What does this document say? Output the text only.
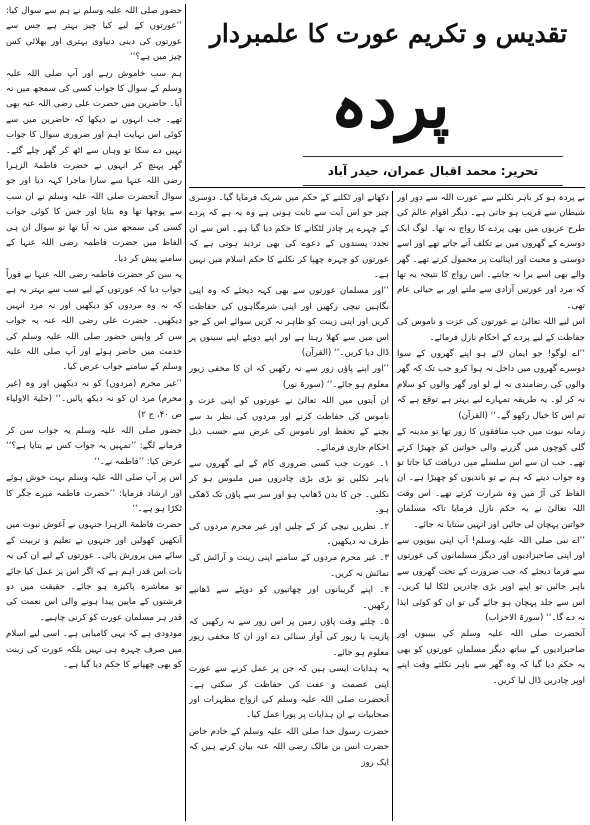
تقدیس و تکریم عورت کا علمبردار
پردہ
تحریر: محمد اقبال عمران، حیدر آباد

بے پردہ ہو کر باہر نکلنے سے عورت اللہ سے دور اور شیطان سے قریب ہو جاتی ہے۔ دیگر اقوام عالم کی طرح عربوں میں بھی پردے کا رواج نہ تھا۔ لوگ ایک دوسرے کے گھروں میں بے تکلف آتے جاتے تھے اور اسے دوستی و محبت اور اپنائیت پر محمول کرتے تھے۔ گھر والے بھی اسے برا نہ جانتے۔ اس رواج کا نتیجہ یہ تھا کہ مرد اور عورتیں آزادی سے ملتے اور بے حیائی عام تھی۔

اس لیے اللہ تعالیٰ نے عورتوں کی عزت و ناموس کی حفاظت کے لیے پردے کے احکام نازل فرمائے۔

’’اے لوگو! جو ایمان لائے ہو اپنے گھروں کے سوا دوسرے گھروں میں داخل نہ ہوا کرو جب تک کہ گھر والوں کی رضامندی نہ لے لو اور گھر والوں کو سلام نہ کر لو۔ یہ طریقہ تمہارے لیے بہتر ہے توقع ہے کہ تم اس کا خیال رکھو گے۔‘‘ (القرآن)

زمانہ نبوت میں جب منافقوں کا زور تھا تو مدینہ کے گلی کوچوں میں گزرنے والی خواتین کو چھیڑا کرتے تھے۔ جب ان سے اس سلسلے میں دریافت کیا جاتا تو وہ جواب دیتے کہ ہم نے تو باندیوں کو چھیڑا ہے۔ ان الفاظ کی آڑ میں وہ شرارت کرتے تھے۔ اس وقت اللہ تعالیٰ نے یہ حکم نازل فرمایا تاکہ مسلمان خواتین پہچان لی جائیں اور انہیں ستایا نہ جائے۔

’’اے نبی صلی اللہ علیہ وسلم! آپ اپنی بیویوں سے اور اپنی صاحبزادیوں اور دیگر مسلمانوں کی عورتوں سے فرما دیجئے کہ جب ضرورت کے تحت گھروں سے باہر جائیں تو اپنے اوپر بڑی چادریں لٹکا لیا کریں۔ اس سے جلد پہچان ہو جائے گی تو ان کو کوئی ایذا نہ دے گا۔‘‘ (سورۃ الاحزاب)

آنحضرت صلی اللہ علیہ وسلم کی بیبیوں اور صاحبزادیوں کے ساتھ دیگر مسلمان عورتوں کو بھی یہ حکم دیا گیا کہ وہ گھر سے باہر نکلتے وقت اپنے اوپر چادریں ڈال لیا کریں۔

دکھانے اور ٹکلنے کے حکم میں شریک فرمایا گیا۔ دوسری چیز جو اس آیت سے ثابت ہوتی ہے وہ یہ ہے کہ پردے کے چہرے پر چادر لٹکانے کا حکم دیا گیا ہے۔ اس سے ان تجدد پسندوں کے دعوے کی بھی تردید ہوتی ہے کہ عورتوں کو چہرہ چھپا کر نکلنے کا حکم اسلام میں نہیں ہے۔

’’اور مسلمان عورتوں سے بھی کہہ دیجئے کہ وہ اپنی نگاہیں نیچی رکھیں اور اپنی شرمگاہوں کی حفاظت کریں اور اپنی زینت کو ظاہر نہ کریں سوائے اس کے جو اس میں سے کھلا رہتا ہے اور اپنے دوپٹے اپنے سینوں پر ڈال دیا کریں۔‘‘ (القرآن)

’’اور اپنے پاؤں زور سے نہ رکھیں کہ ان کا مخفی زیور معلوم ہو جائے۔‘‘ (سورۃ نور)

ان آیتوں میں اللہ تعالیٰ نے عورتوں کو اپنی عزت و ناموس کی حفاظت کرنے اور مردوں کی نظر بد سے بچنے کے تحفظ اور ناموس کی غرض سے حسب ذیل احکام جاری فرمائے۔

۱۔ عورت جب کسی ضروری کام کے لیے گھروں سے باہر نکلیں تو بڑی بڑی چادروں میں ملبوس ہو کر نکلیں۔ جن کا بدن ڈھانپ ہو اور سر سے پاؤں تک ڈھکی ہو۔

۲۔ نظریں نیچی کر کے چلیں اور غیر محرم مردوں کی طرف نہ دیکھیں۔

۳۔ غیر محرم مردوں کے سامنے اپنی زینت و آرائش کی نمائش نہ کریں۔

۴۔ اپنے گریبانوں اور چھاتیوں کو دوپٹے سے ڈھانپے رکھیں۔

۵۔ چلتے وقت پاؤں زمین پر اس زور سے نہ رکھیں کہ پازیب یا زیور کی آواز سنائی دے اور ان کا مخفی زیور معلوم ہو جائے۔

یہ ہدایات ایسی ہیں کہ جن پر عمل کرنے سے عورت اپنی عصمت و عفت کی حفاظت کر سکتی ہے۔ آنحضرت صلی اللہ علیہ وسلم کی ازواج مطہرات اور صحابیات نے ان ہدایات پر پورا عمل کیا۔

حضرت رسول خدا صلی اللہ علیہ وسلم کے خادم خاص حضرت انس بن مالک رضی اللہ عنہ بیان کرتے ہیں کہ ایک روز

حضور صلی اللہ علیہ وسلم نے ہم سے سوال کیا: ’’عورتوں کے لیے کیا چیز بہتر ہے جس سے عورتوں کی دینی دنیاوی بہتری اور بھلائی کس چیز میں ہے؟‘‘

ہم سب خاموش رہے اور آپ صلی اللہ علیہ وسلم کے سوال کا جواب کسی کی سمجھ میں نہ آیا۔ حاضرین میں حضرت علی رضی اللہ عنہ بھی تھے۔ جب انہوں نے دیکھا کہ حاضرین میں سے کوئی اس نہایت اہم اور ضروری سوال کا جواب نہیں دے سکا تو وہاں سے اٹھ کر گھر چلے گئے۔ گھر پہنچ کر انہوں نے حضرت فاطمۃ الزہرا رضی اللہ عنہا سے سارا ماجرا کہہ دیا اور جو سوال آنحضرت صلی اللہ علیہ وسلم نے ان سب سے پوچھا تھا وہ بتایا اور جس کا کوئی جواب کسی کی سمجھ میں نہ آیا تھا تو سوال ان ہی الفاظ میں حضرت فاطمہ رضی اللہ عنہا کے سامنے پیش کر دیا۔

یہ سن کر حضرت فاطمہ رضی اللہ عنہا نے فوراً جواب دیا کہ عورتوں کے لیے سب سے بہتر یہ ہے کہ نہ وہ مردوں کو دیکھیں اور نہ مرد انہیں دیکھیں۔ حضرت علی رضی اللہ عنہ یہ جواب سن کر واپس حضور صلی اللہ علیہ وسلم کی خدمت میں حاضر ہوئے اور آپ صلی اللہ علیہ وسلم کے سامنے جواب عرض کیا۔

’’غیر محرم (مردوں) کو نہ دیکھیں اور وہ (غیر محرم) مرد ان کو نہ دیکھ پائیں۔‘‘ (حلیۃ الاولیاء ص ۴۰، ج ۲)

حضور صلی اللہ علیہ وسلم یہ جواب سن کر فرمانے لگے: ’’تمہیں یہ جواب کس نے بتایا ہے؟‘‘ عرض کیا: ’’فاطمہ نے۔‘‘

اس پر آپ صلی اللہ علیہ وسلم بہت خوش ہوئے اور ارشاد فرمایا: ’’حضرت فاطمہ میرے جگر کا ٹکڑا ہو ہے۔‘‘

حضرت فاطمۃ الزہرا جنہوں نے آغوش نبوت میں آنکھیں کھولیں اور جنہوں نے تعلیم و تربیت کے سائے میں پرورش پائی۔ عورتوں کے لیے ان کی یہ بات اس قدر اہم ہے کہ اگر اس پر عمل کیا جائے تو معاشرہ پاکیزہ ہو جائے۔ حقیقت میں دو فرشتوں کے مابین پیدا ہونے والی اس نعمت کی قدر ہر مسلمان عورت کو کرنی چاہیے۔

مودودی ہے کہ یہی کامیابی ہے۔ اسی لیے اسلام میں صرف چہرہ ہی نہیں بلکہ عورت کی زینت کو بھی چھپانے کا حکم دیا گیا ہے۔
